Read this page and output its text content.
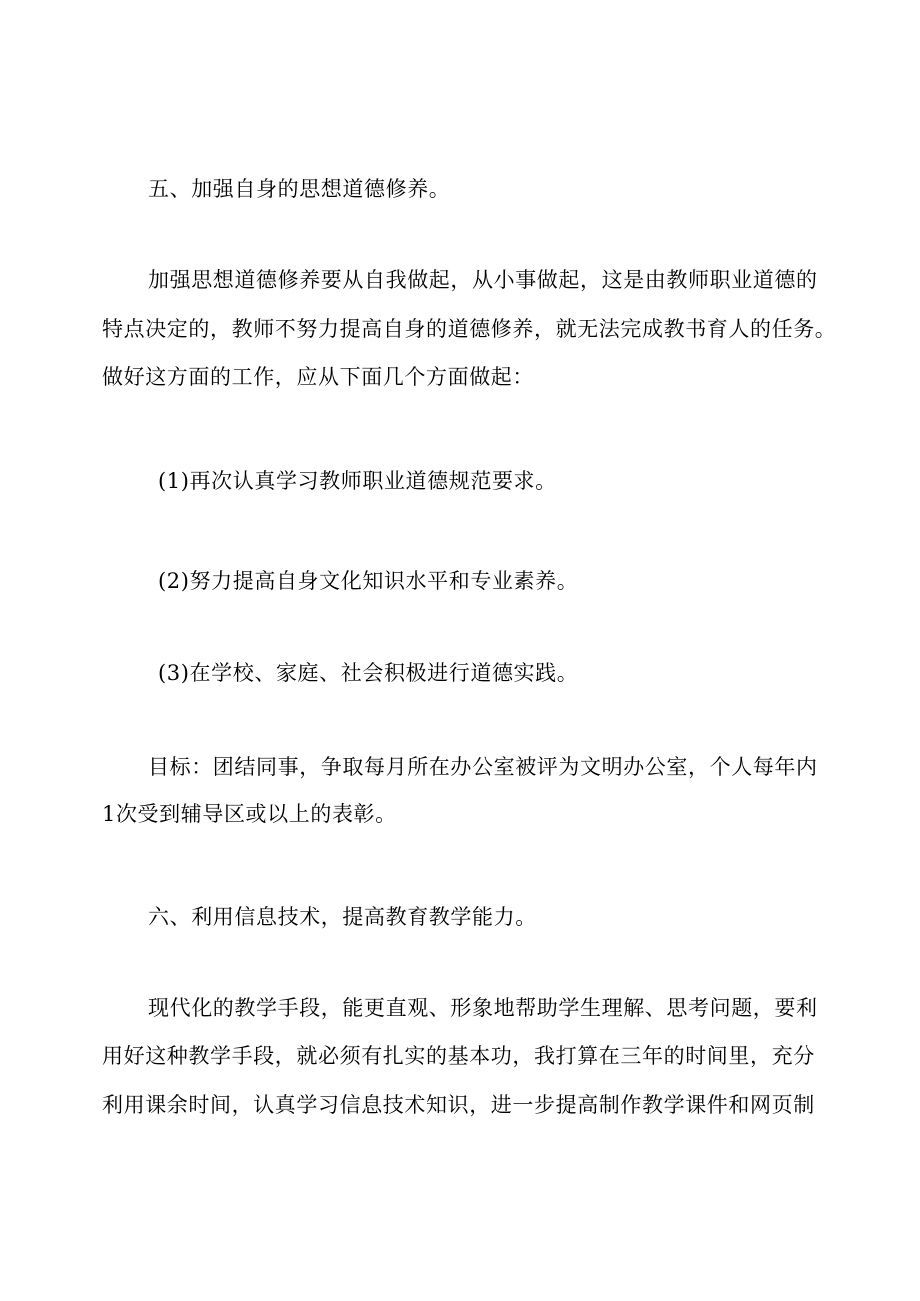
五、加强自身的思想道德修养。
加强思想道德修养要从自我做起，从小事做起，这是由教师职业道德的
特点决定的，教师不努力提高自身的道德修养，就无法完成教书育人的任务。
做好这方面的工作，应从下面几个方面做起：
(1)再次认真学习教师职业道德规范要求。
(2)努力提高自身文化知识水平和专业素养。
(3)在学校、家庭、社会积极进行道德实践。
目标：团结同事，争取每月所在办公室被评为文明办公室，个人每年内
1次受到辅导区或以上的表彰。
六、利用信息技术，提高教育教学能力。
现代化的教学手段，能更直观、形象地帮助学生理解、思考问题，要利
用好这种教学手段，就必须有扎实的基本功，我打算在三年的时间里，充分
利用课余时间，认真学习信息技术知识，进一步提高制作教学课件和网页制
